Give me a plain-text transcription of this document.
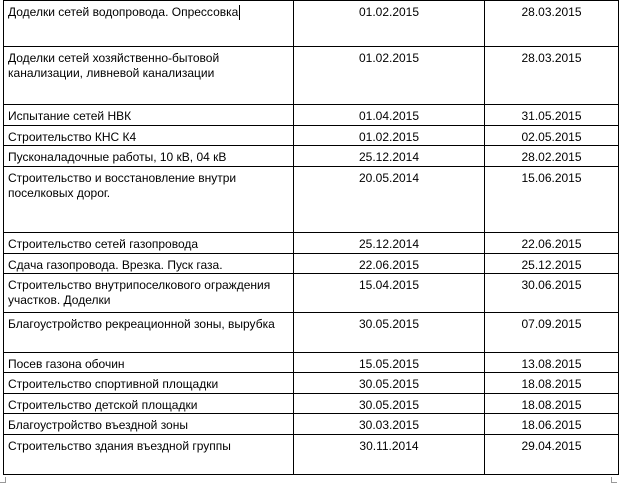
Доделки сетей водопровода. Опрессовка	01.02.2015	28.03.2015
Доделки сетей хозяйственно-бытовой канализации, ливневой канализации	01.02.2015	28.03.2015
Испытание сетей НВК	01.04.2015	31.05.2015
Строительство КНС К4	01.02.2015	02.05.2015
Пусконаладочные работы, 10 кВ, 04 кВ	25.12.2014	28.02.2015
Строительство и восстановление внутри поселковых дорог.	20.05.2014	15.06.2015
Строительство сетей газопровода	25.12.2014	22.06.2015
Сдача газопровода. Врезка. Пуск газа.	22.06.2015	25.12.2015
Строительство внутрипоселкового ограждения участков. Доделки	15.04.2015	30.06.2015
Благоустройство рекреационной зоны, вырубка	30.05.2015	07.09.2015
Посев газона обочин	15.05.2015	13.08.2015
Строительство спортивной площадки	30.05.2015	18.08.2015
Строительство детской площадки	30.05.2015	18.08.2015
Благоустройство въездной зоны	30.03.2015	18.06.2015
Строительство здания въездной группы	30.11.2014	29.04.2015
